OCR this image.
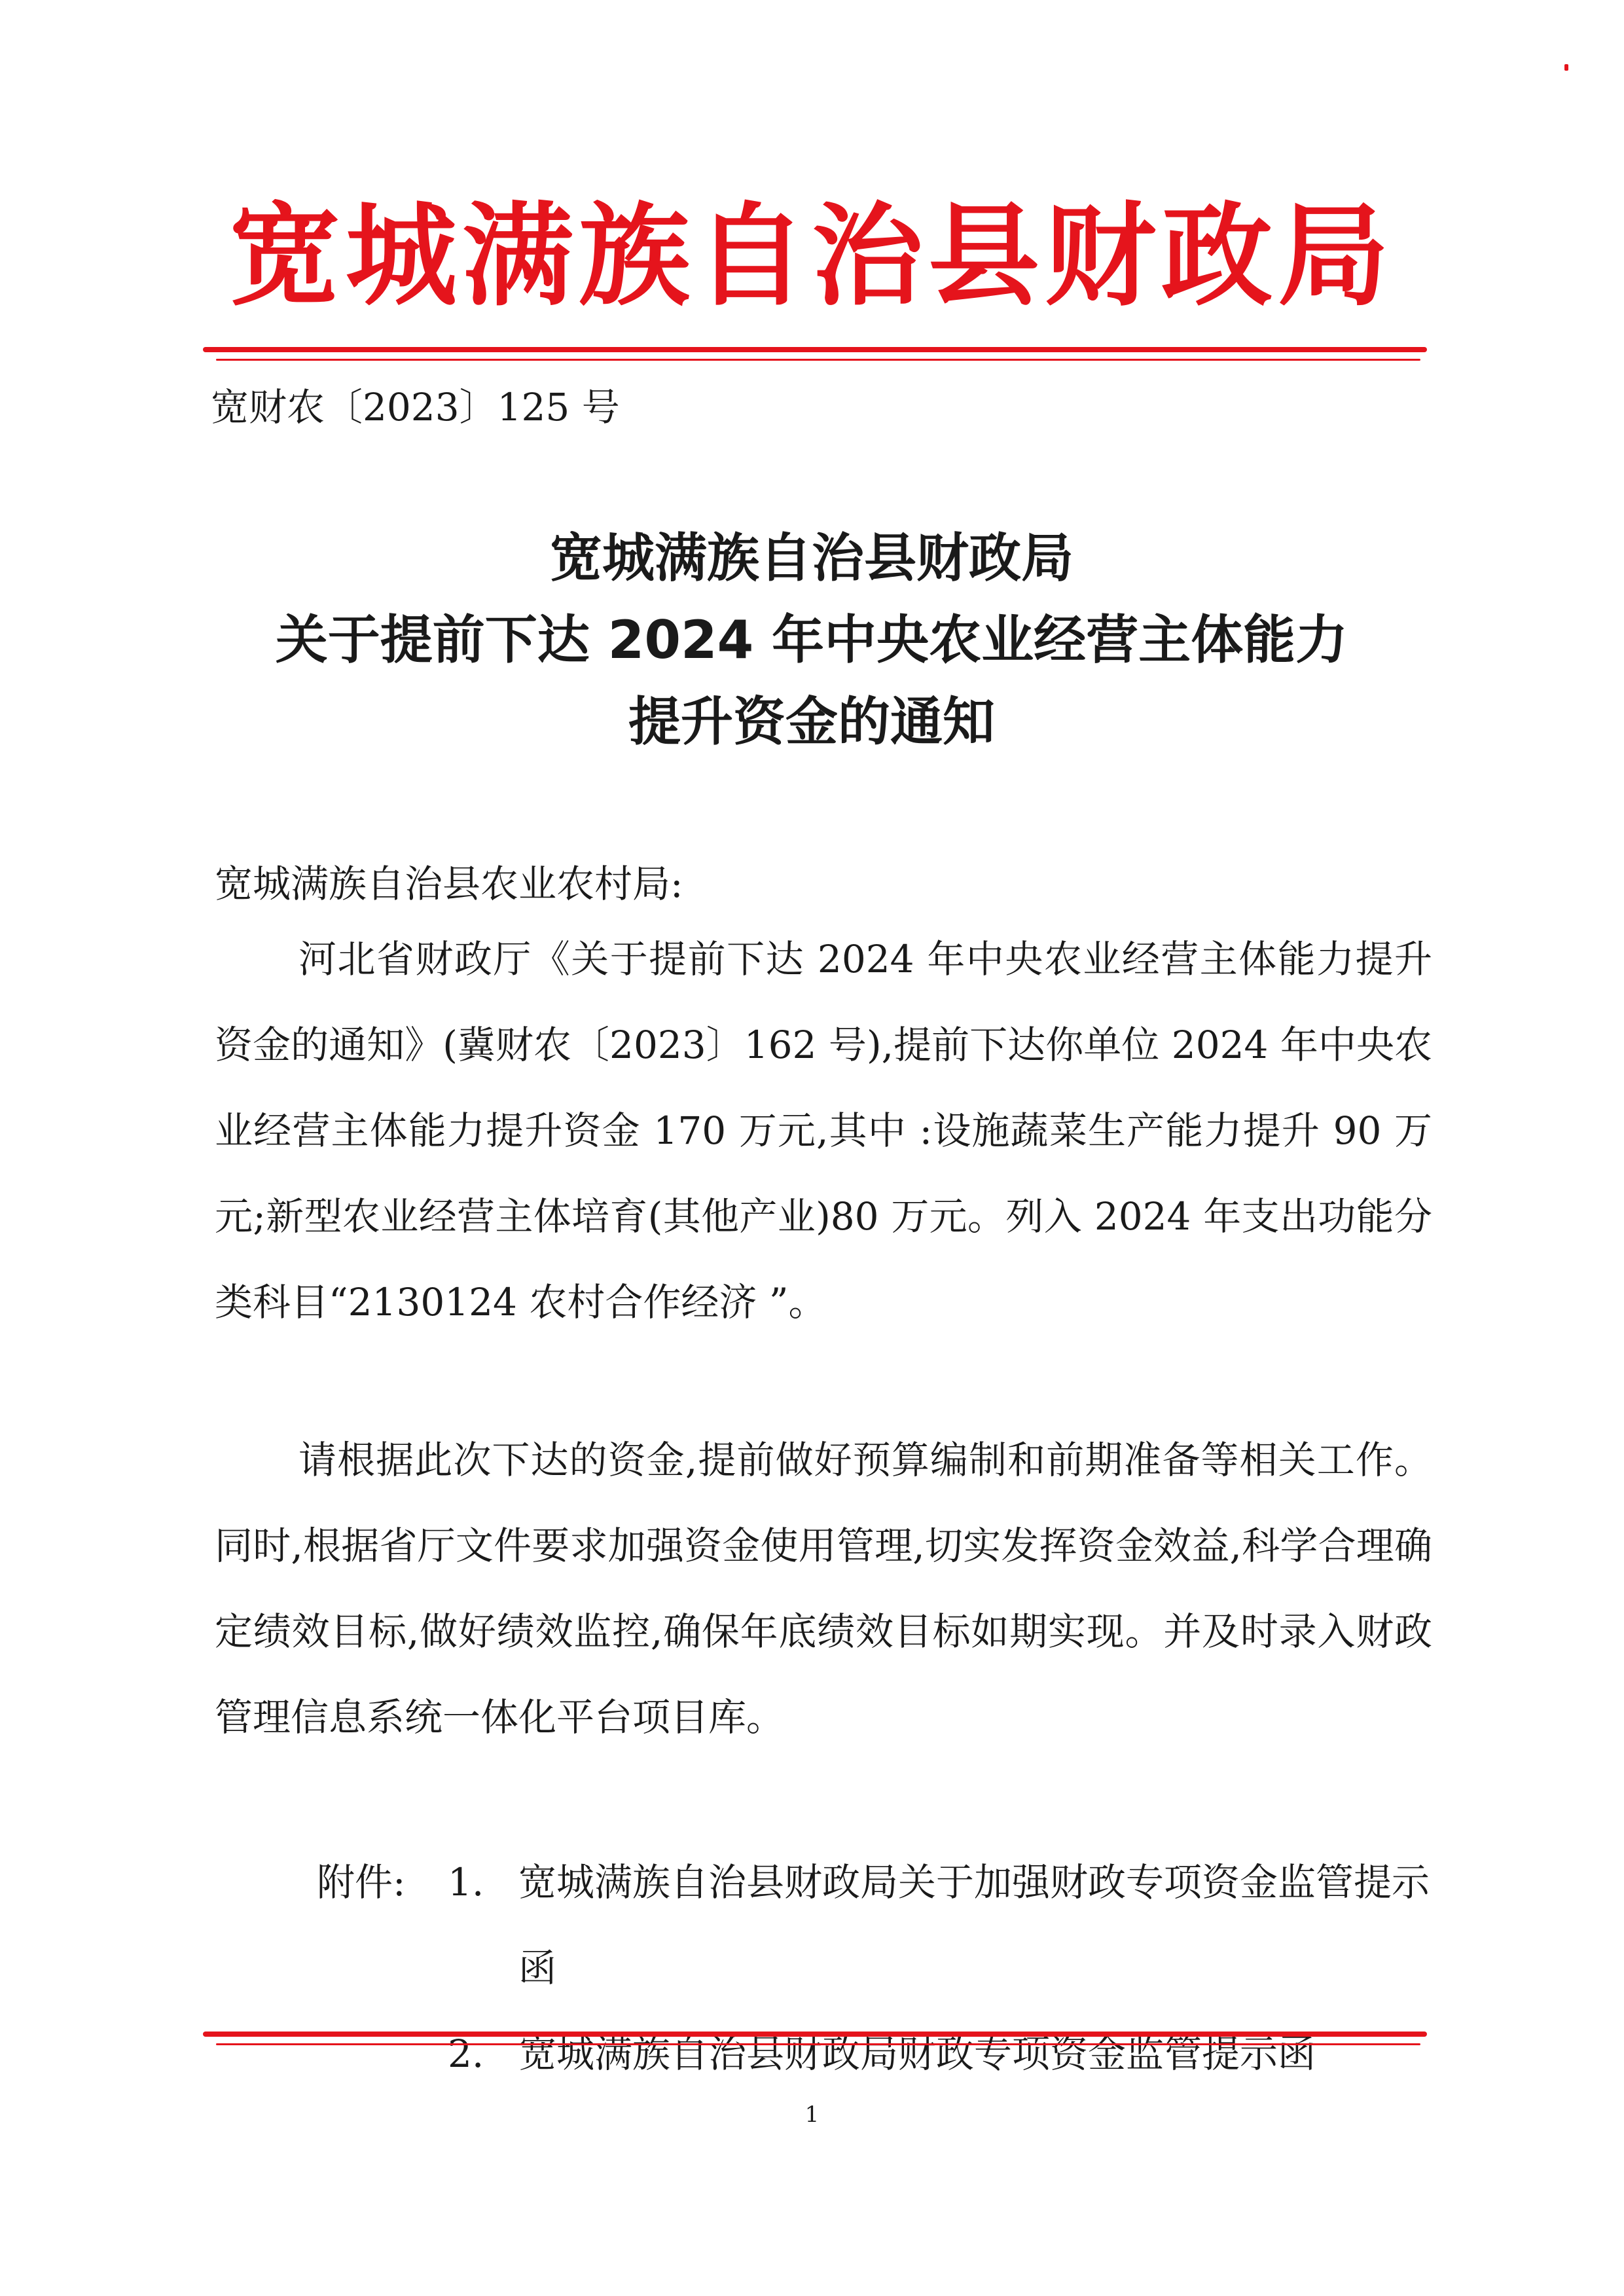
宽城满族自治县财政局
宽财农〔2023〕125 号
宽城满族自治县财政局
关于提前下达 2024 年中央农业经营主体能力
提升资金的通知
宽城满族自治县农业农村局:
河北省财政厅《关于提前下达 2024 年中央农业经营主体能力提升资金的通知》(冀财农〔2023〕162 号),提前下达你单位 2024 年中央农业经营主体能力提升资金 170 万元,其中 :设施蔬菜生产能力提升 90 万元;新型农业经营主体培育(其他产业)80 万元。列入 2024 年支出功能分类科目“2130124 农村合作经济 ”。
请根据此次下达的资金,提前做好预算编制和前期准备等相关工作。同时,根据省厅文件要求加强资金使用管理,切实发挥资金效益,科学合理确定绩效目标,做好绩效监控,确保年底绩效目标如期实现。并及时录入财政管理信息系统一体化平台项目库。
附件: 1. 宽城满族自治县财政局关于加强财政专项资金监管提示函
2. 宽城满族自治县财政局财政专项资金监管提示函
1
